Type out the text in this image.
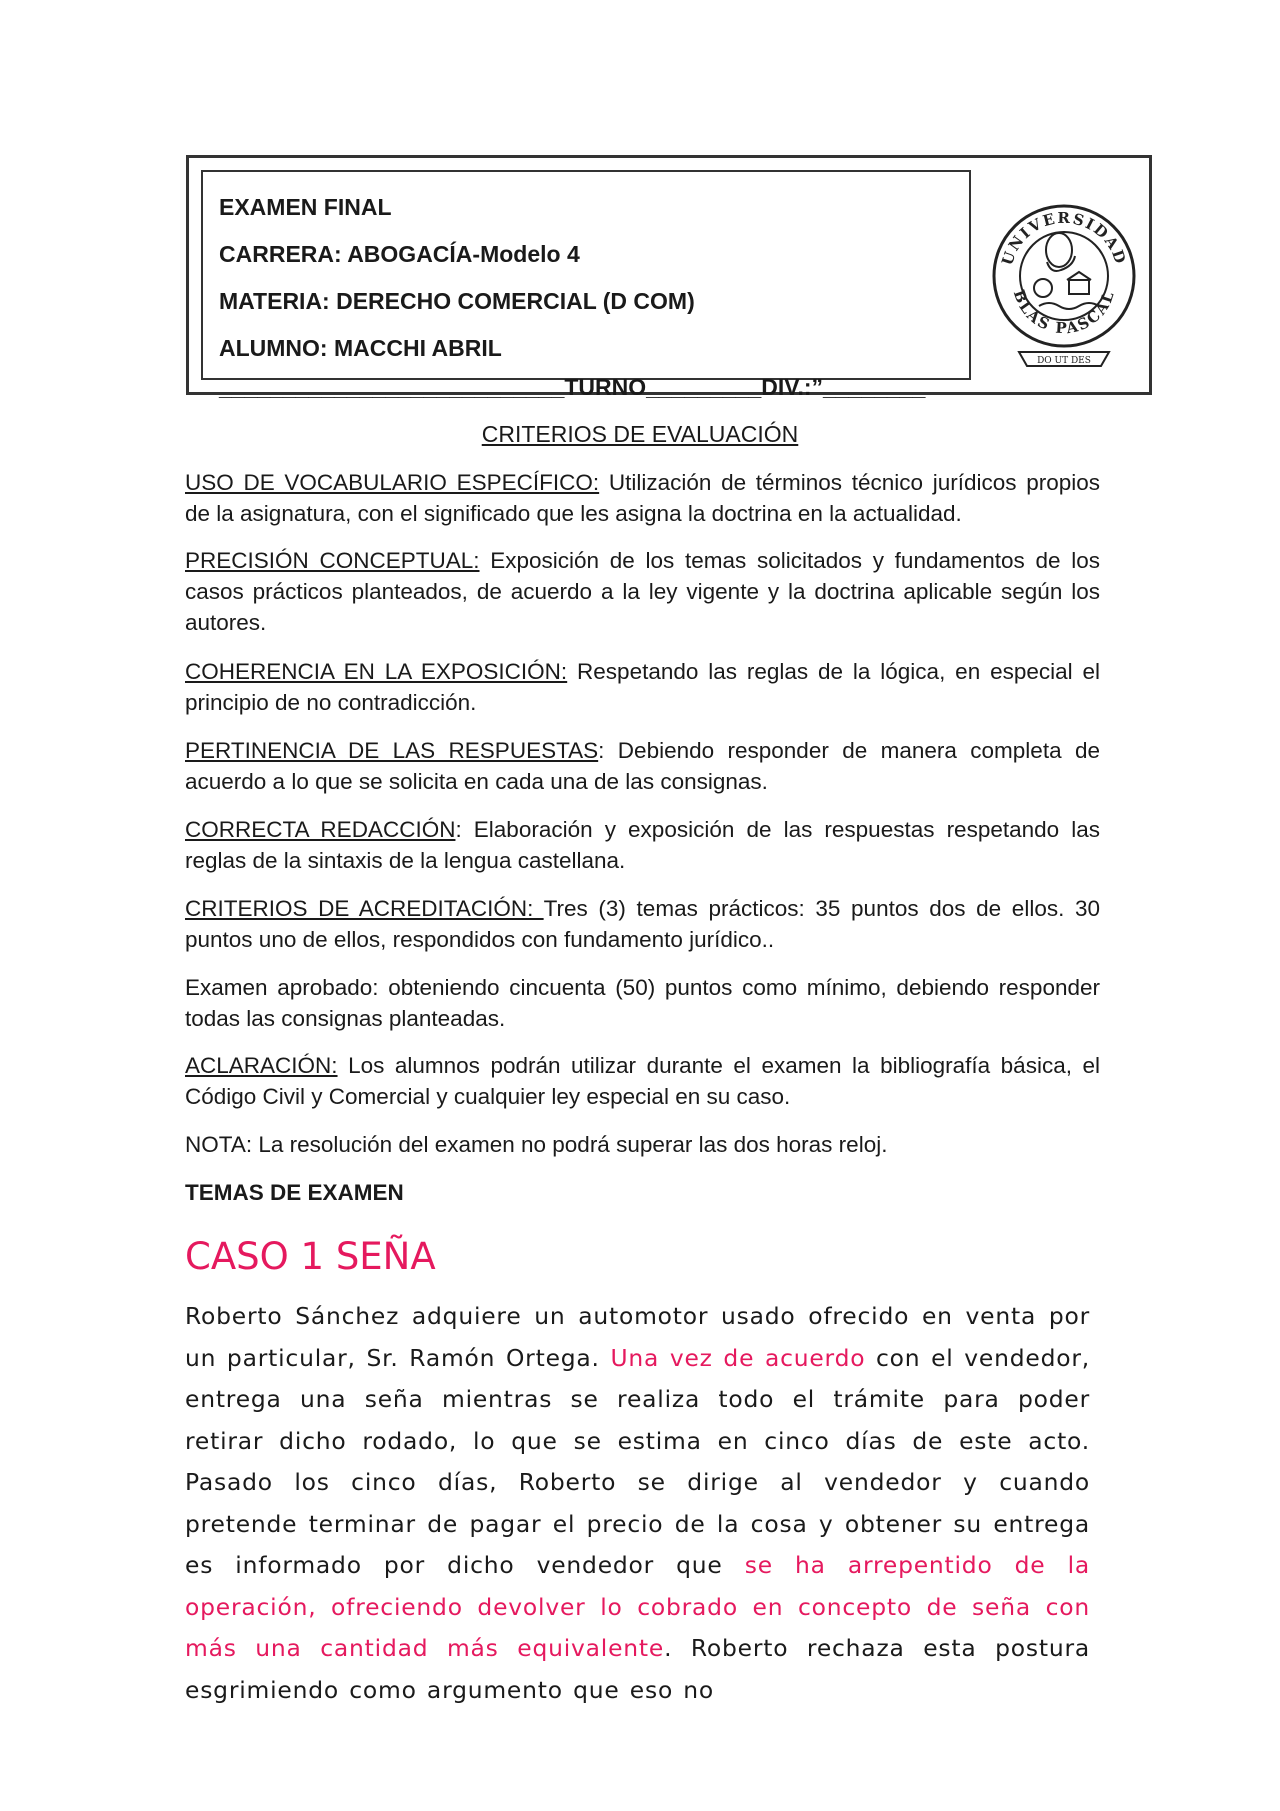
EXAMEN FINAL
CARRERA: ABOGACÍA-Modelo 4
MATERIA: DERECHO COMERCIAL (D COM)
ALUMNO: MACCHI ABRIL
___________________________TURNO_________DIV.:”________
UNIVERSIDAD
BLAS PASCAL
DO UT DES
CRITERIOS DE EVALUACIÓN
USO DE VOCABULARIO ESPECÍFICO: Utilización de términos técnico jurídicos propios de la asignatura, con el significado que les asigna la doctrina en la actualidad.
PRECISIÓN CONCEPTUAL: Exposición de los temas solicitados y fundamentos de los casos prácticos planteados, de acuerdo a la ley vigente y la doctrina aplicable según los autores.
COHERENCIA EN LA EXPOSICIÓN: Respetando las reglas de la lógica, en especial el principio de no contradicción.
PERTINENCIA DE LAS RESPUESTAS: Debiendo responder de manera completa de acuerdo a lo que se solicita en cada una de las consignas.
CORRECTA REDACCIÓN: Elaboración y exposición de las respuestas respetando las reglas de la sintaxis de la lengua castellana.
CRITERIOS DE ACREDITACIÓN: Tres (3) temas prácticos: 35 puntos dos de ellos. 30 puntos uno de ellos, respondidos con fundamento jurídico..
Examen aprobado: obteniendo cincuenta (50) puntos como mínimo, debiendo responder todas las consignas planteadas.
ACLARACIÓN: Los alumnos podrán utilizar durante el examen la bibliografía básica, el Código Civil y Comercial y cualquier ley especial en su caso.
NOTA: La resolución del examen no podrá superar las dos horas reloj.
TEMAS DE EXAMEN
CASO 1 SEÑA
Roberto Sánchez adquiere un automotor usado ofrecido en venta por un particular, Sr. Ramón Ortega. Una vez de acuerdo con el vendedor, entrega una seña mientras se realiza todo el trámite para poder retirar dicho rodado, lo que se estima en cinco días de este acto. Pasado los cinco días, Roberto se dirige al vendedor y cuando pretende terminar de pagar el precio de la cosa y obtener su entrega es informado por dicho vendedor que se ha arrepentido de la operación, ofreciendo devolver lo cobrado en concepto de seña con más una cantidad más equivalente. Roberto rechaza esta postura esgrimiendo como argumento que eso no
